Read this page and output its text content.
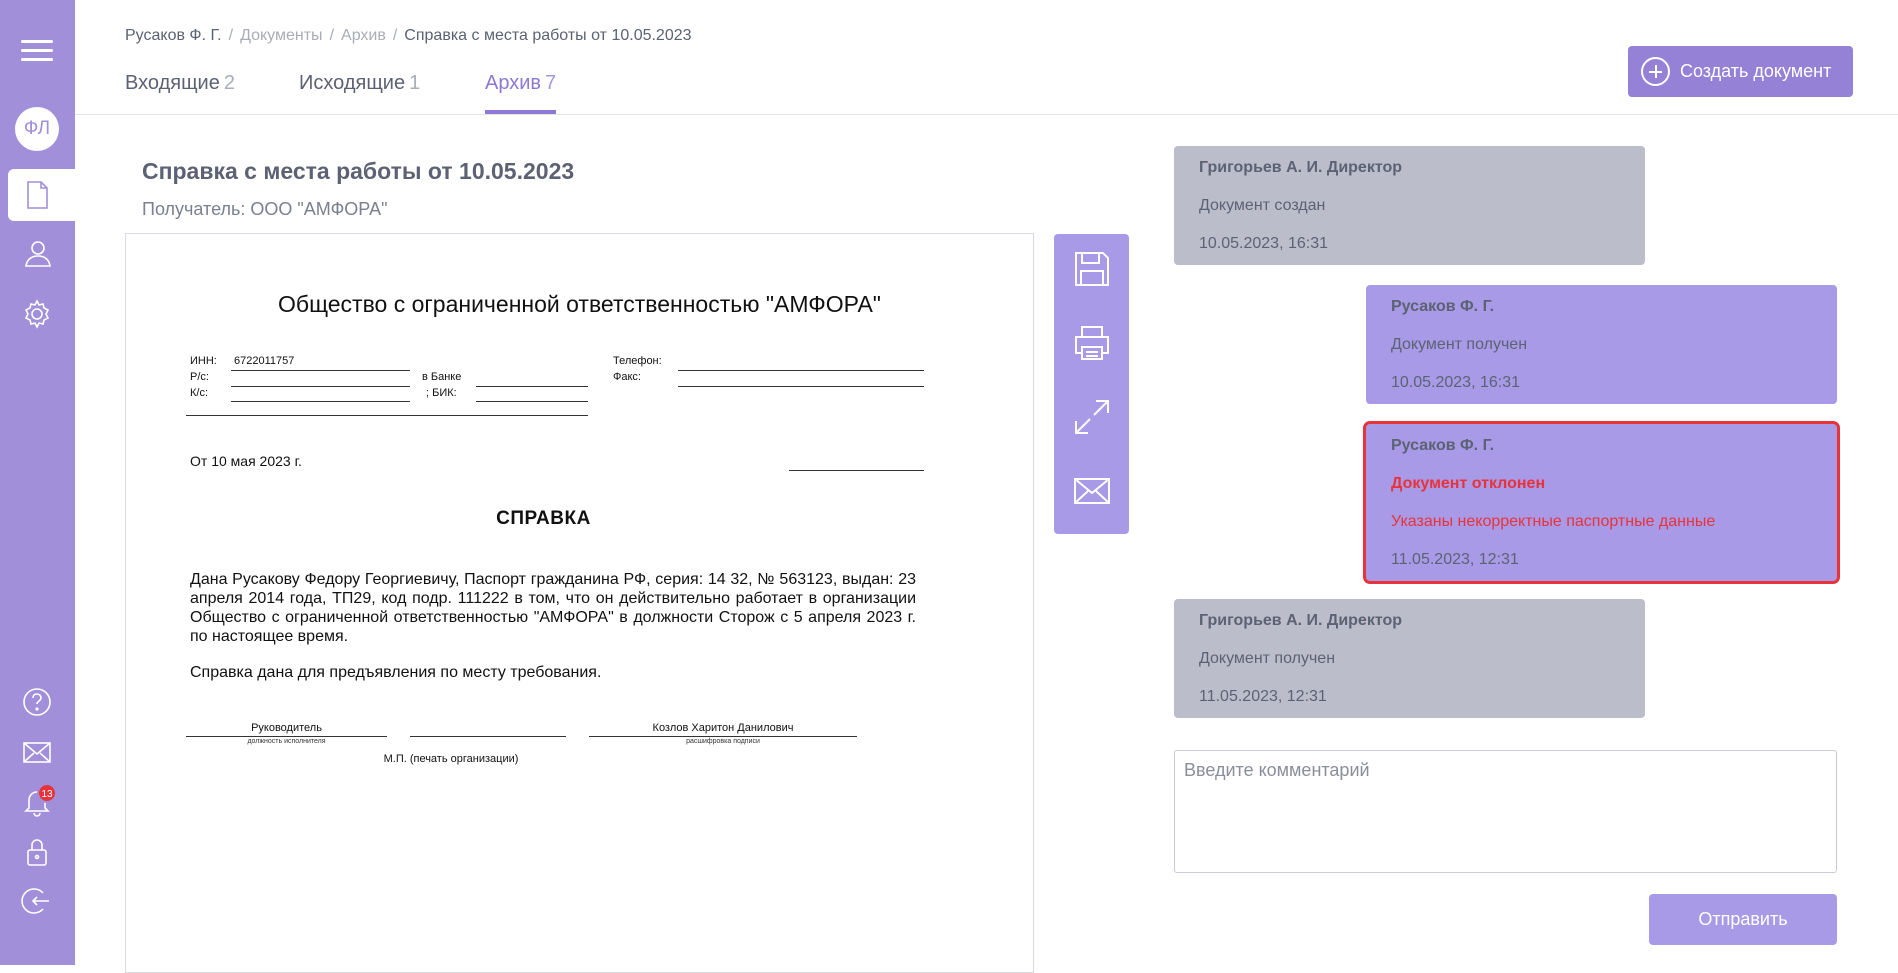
ФЛ
13
Русаков Ф. Г. / Документы / Архив / Справка с места работы от 10.05.2023
Входящие 2	Исходящие 1	Архив 7
Создать документ
Справка с места работы от 10.05.2023
Получатель: ООО "АМФОРА"
Общество с ограниченной ответственностью "АМФОРА"
ИНН: 6722011757
Р/с:
К/с:
в Банке
; БИК:
Телефон:
Факс:
От 10 мая 2023 г.
СПРАВКА
Дана Русакову Федору Георгиевичу, Паспорт гражданина РФ, серия: 14 32, № 563123, выдан: 23 апреля 2014 года, ТП29, код подр. 111222 в том, что он действительно работает в организации Общество с ограниченной ответственностью "АМФОРА" в должности Сторож с 5 апреля 2023 г. по настоящее время.
Справка дана для предъявления по месту требования.
Руководитель
должность исполнителя
Козлов Харитон Данилович
расшифровка подписи
М.П. (печать организации)
Григорьев А. И. Директор
Документ создан
10.05.2023, 16:31
Русаков Ф. Г.
Документ получен
10.05.2023, 16:31
Русаков Ф. Г.
Документ отклонен
Указаны некорректные паспортные данные
11.05.2023, 12:31
Григорьев А. И. Директор
Документ получен
11.05.2023, 12:31
Введите комментарий
Отправить
